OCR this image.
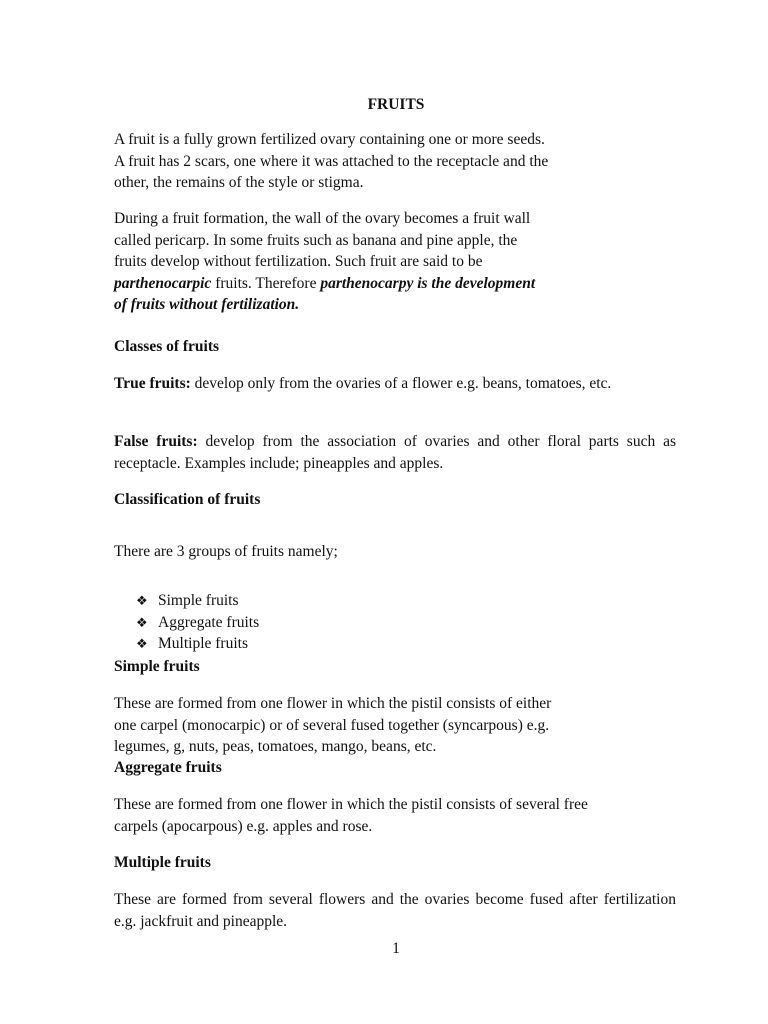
FRUITS

A fruit is a fully grown fertilized ovary containing one or more seeds.
A fruit has 2 scars, one where it was attached to the receptacle and the
other, the remains of the style or stigma.

During a fruit formation, the wall of the ovary becomes a fruit wall
called pericarp. In some fruits such as banana and pine apple, the
fruits develop without fertilization. Such fruit are said to be
parthenocarpic fruits. Therefore parthenocarpy is the development
of fruits without fertilization.

Classes of fruits

True fruits: develop only from the ovaries of a flower e.g. beans, tomatoes, etc.

False fruits: develop from the association of ovaries and other floral parts such as receptacle. Examples include; pineapples and apples.

Classification of fruits

There are 3 groups of fruits namely;

❖ Simple fruits
❖ Aggregate fruits
❖ Multiple fruits

Simple fruits

These are formed from one flower in which the pistil consists of either
one carpel (monocarpic) or of several fused together (syncarpous) e.g.
legumes, g, nuts, peas, tomatoes, mango, beans, etc.

Aggregate fruits

These are formed from one flower in which the pistil consists of several free
carpels (apocarpous) e.g. apples and rose.

Multiple fruits

These are formed from several flowers and the ovaries become fused after fertilization e.g. jackfruit and pineapple.

1
